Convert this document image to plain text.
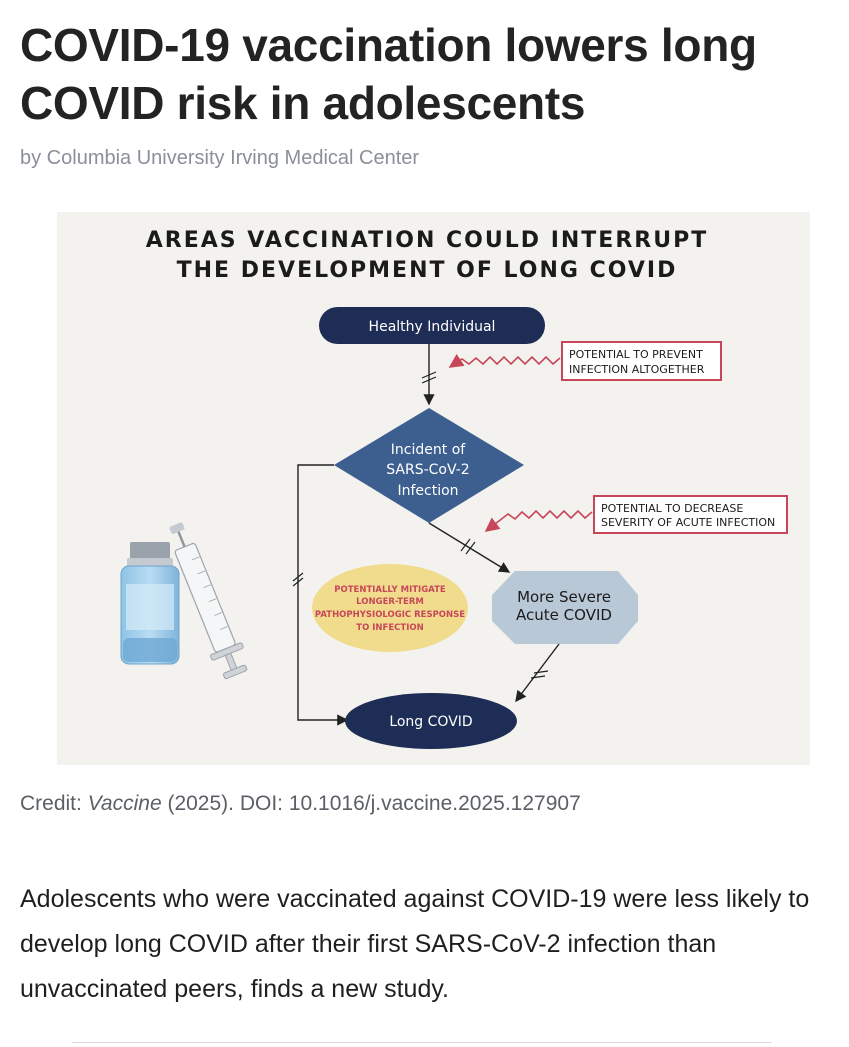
COVID-19 vaccination lowers long COVID risk in adolescents
by Columbia University Irving Medical Center
AREAS VACCINATION COULD INTERRUPT
THE DEVELOPMENT OF LONG COVID
Healthy Individual
POTENTIAL TO PREVENT
INFECTION ALTOGETHER
Incident of
SARS-CoV-2
Infection
POTENTIAL TO DECREASE
SEVERITY OF ACUTE INFECTION
POTENTIALLY MITIGATE
LONGER-TERM
PATHOPHYSIOLOGIC RESPONSE
TO INFECTION
More Severe
Acute COVID
Long COVID
Credit: Vaccine (2025). DOI: 10.1016/j.vaccine.2025.127907

Adolescents who were vaccinated against COVID-19 were less likely to develop long COVID after their first SARS-CoV-2 infection than unvaccinated peers, finds a new study.
